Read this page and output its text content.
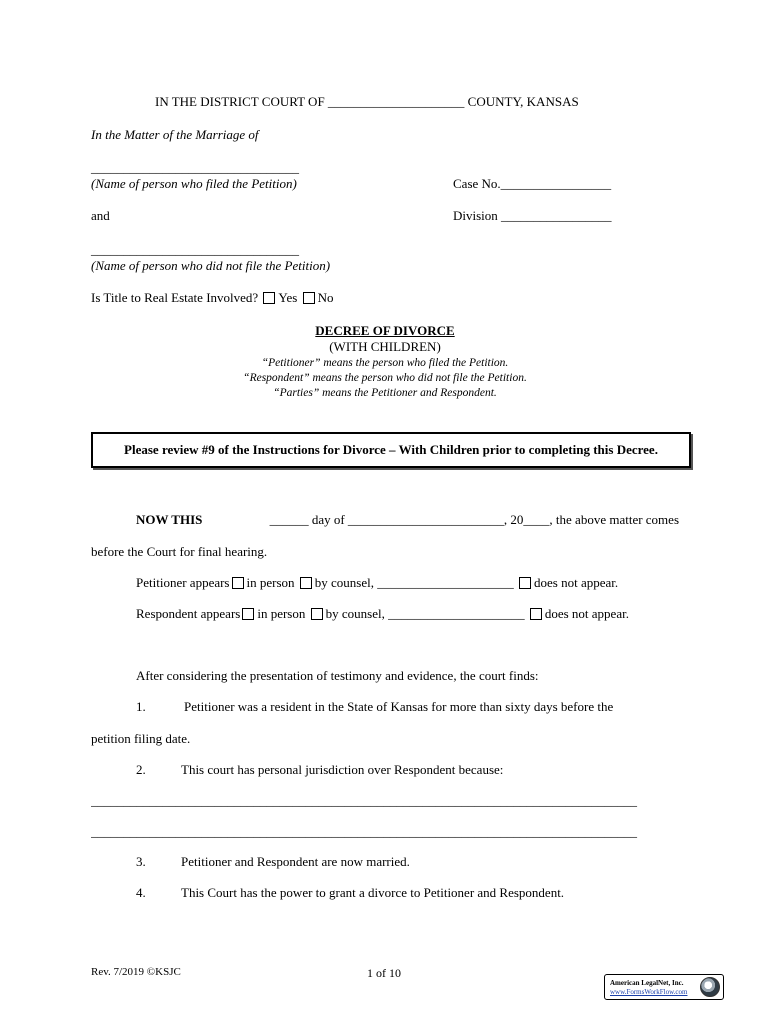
IN THE DISTRICT COURT OF _____________________ COUNTY, KANSAS
In the Matter of the Marriage of
________________________________
(Name of person who filed the Petition)	Case No._________________
and	Division _________________
________________________________
(Name of person who did not file the Petition)
Is Title to Real Estate Involved? Yes No
DECREE OF DIVORCE
(WITH CHILDREN)
“Petitioner” means the person who filed the Petition.
“Respondent” means the person who did not file the Petition.
“Parties” means the Petitioner and Respondent.
Please review #9 of the Instructions for Divorce – With Children prior to completing this Decree.
NOW THIS	______ day of ________________________, 20____, the above matter comes
before the Court for final hearing.
Petitioner appears in person by counsel, _____________________ does not appear.
Respondent appears in person by counsel, _____________________ does not appear.
After considering the presentation of testimony and evidence, the court finds:
1.	Petitioner was a resident in the State of Kansas for more than sixty days before the
petition filing date.
2.	This court has personal jurisdiction over Respondent because:
____________________________________________________________________________________
____________________________________________________________________________________
3.	Petitioner and Respondent are now married.
4.	This Court has the power to grant a divorce to Petitioner and Respondent.
Rev. 7/2019 ©KSJC	1 of 10
American LegalNet, Inc.
www.FormsWorkFlow.com
